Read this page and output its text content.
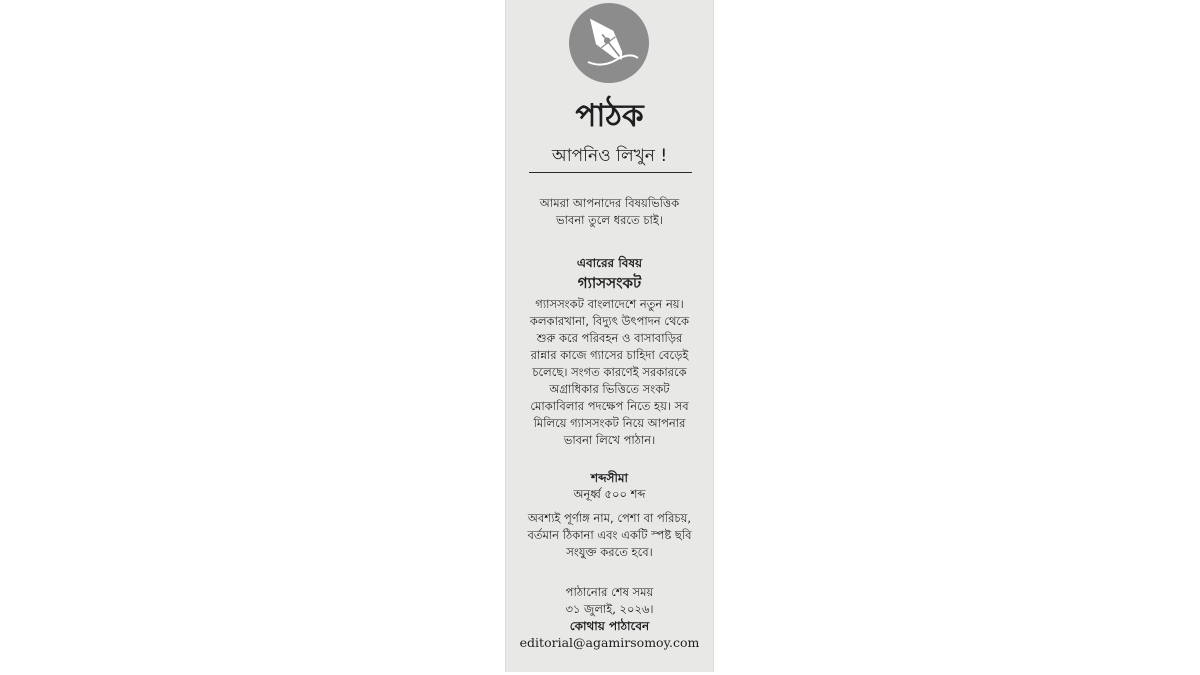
পাঠক
আপনিও লিখুন !
আমরা আপনাদের বিষয়ভিত্তিক
ভাবনা তুলে ধরতে চাই।
এবারের বিষয়
গ্যাসসংকট
গ্যাসসংকট বাংলাদেশে নতুন নয়।
কলকারখানা, বিদ্যুৎ উৎপাদন থেকে
শুরু করে পরিবহন ও বাসাবাড়ির
রান্নার কাজে গ্যাসের চাহিদা বেড়েই
চলেছে। সংগত কারণেই সরকারকে
অগ্রাধিকার ভিত্তিতে সংকট
মোকাবিলার পদক্ষেপ নিতে হয়। সব
মিলিয়ে গ্যাসসংকট নিয়ে আপনার
ভাবনা লিখে পাঠান।
শব্দসীমা
অনূর্ধ্ব ৫০০ শব্দ
অবশ্যই পূর্ণাঙ্গ নাম, পেশা বা পরিচয়,
বর্তমান ঠিকানা এবং একটি স্পষ্ট ছবি
সংযুক্ত করতে হবে।
পাঠানোর শেষ সময়
৩১ জুলাই, ২০২৬।
কোথায় পাঠাবেন
editorial@agamirsomoy.com
